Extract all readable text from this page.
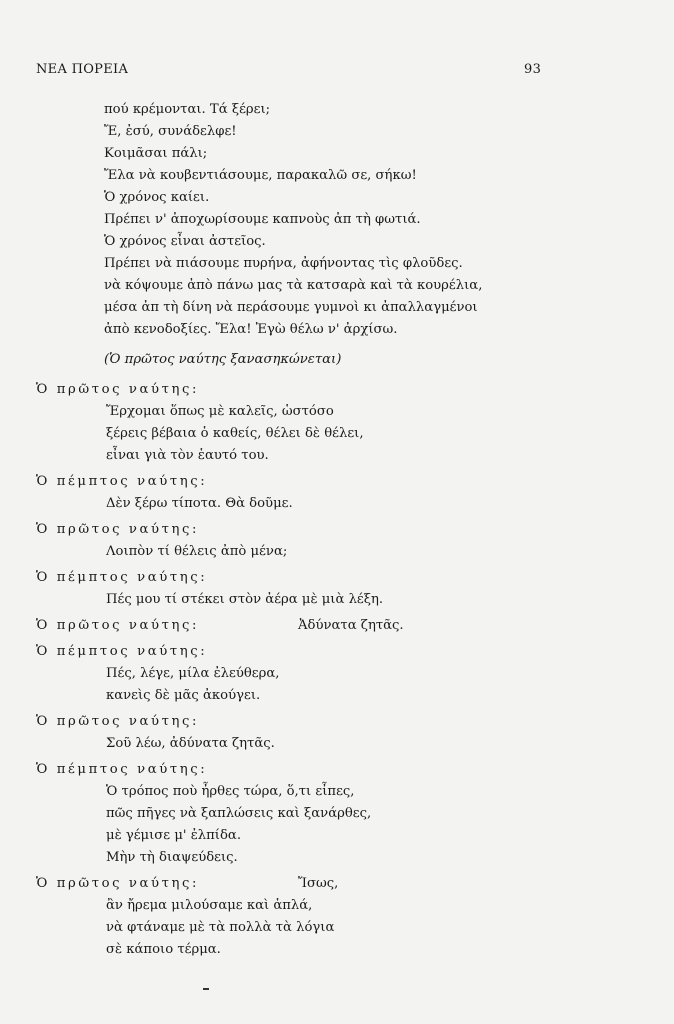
ΝΕΑ ΠΟΡΕΙΑ	93
πού κρέμονται. Τά ξέρει;
Ἔ, ἐσύ, συνάδελφε!
Κοιμᾶσαι πάλι;
Ἔλα νὰ κουβεντιάσουμε, παρακαλῶ σε, σήκω!
Ὁ χρόνος καίει.
Πρέπει ν' ἀποχωρίσουμε καπνοὺς ἀπ τὴ φωτιά.
Ὁ χρόνος εἶναι ἀστεῖος.
Πρέπει νὰ πιάσουμε πυρήνα, ἀφήνοντας τὶς φλοῦδες.
νὰ κόψουμε ἀπὸ πάνω μας τὰ κατσαρὰ καὶ τὰ κουρέλια,
μέσα ἀπ τὴ δίνη νὰ περάσουμε γυμνοὶ κι ἀπαλλαγμένοι
ἀπὸ κενοδοξίες. Ἔλα! Ἐγὼ θέλω ν' ἀρχίσω.
(Ὁ πρῶτος ναύτης ξανασηκώνεται)
Ὁ πρῶτος ναύτης:
Ἔρχομαι ὅπως μὲ καλεῖς, ὡστόσο
ξέρεις βέβαια ὁ καθείς, θέλει δὲ θέλει,
εἶναι γιὰ τὸν ἑαυτό του.
Ὁ πέμπτος ναύτης:
Δὲν ξέρω τίποτα. Θὰ δοῦμε.
Ὁ πρῶτος ναύτης:
Λοιπὸν τί θέλεις ἀπὸ μένα;
Ὁ πέμπτος ναύτης:
Πές μου τί στέκει στὸν ἀέρα μὲ μιὰ λέξη.
Ὁ πρῶτος ναύτης:	Ἀδύνατα ζητᾶς.
Ὁ πέμπτος ναύτης:
Πές, λέγε, μίλα ἐλεύθερα,
κανεὶς δὲ μᾶς ἀκούγει.
Ὁ πρῶτος ναύτης:
Σοῦ λέω, ἀδύνατα ζητᾶς.
Ὁ πέμπτος ναύτης:
Ὁ τρόπος ποὺ ἦρθες τώρα, ὅ,τι εἶπες,
πῶς πῆγες νὰ ξαπλώσεις καὶ ξανάρθες,
μὲ γέμισε μ' ἐλπίδα.
Μὴν τὴ διαψεύδεις.
Ὁ πρῶτος ναύτης:	Ἴσως,
ἂν ἤρεμα μιλούσαμε καὶ ἁπλά,
νὰ φτάναμε μὲ τὰ πολλὰ τὰ λόγια
σὲ κάποιο τέρμα.
